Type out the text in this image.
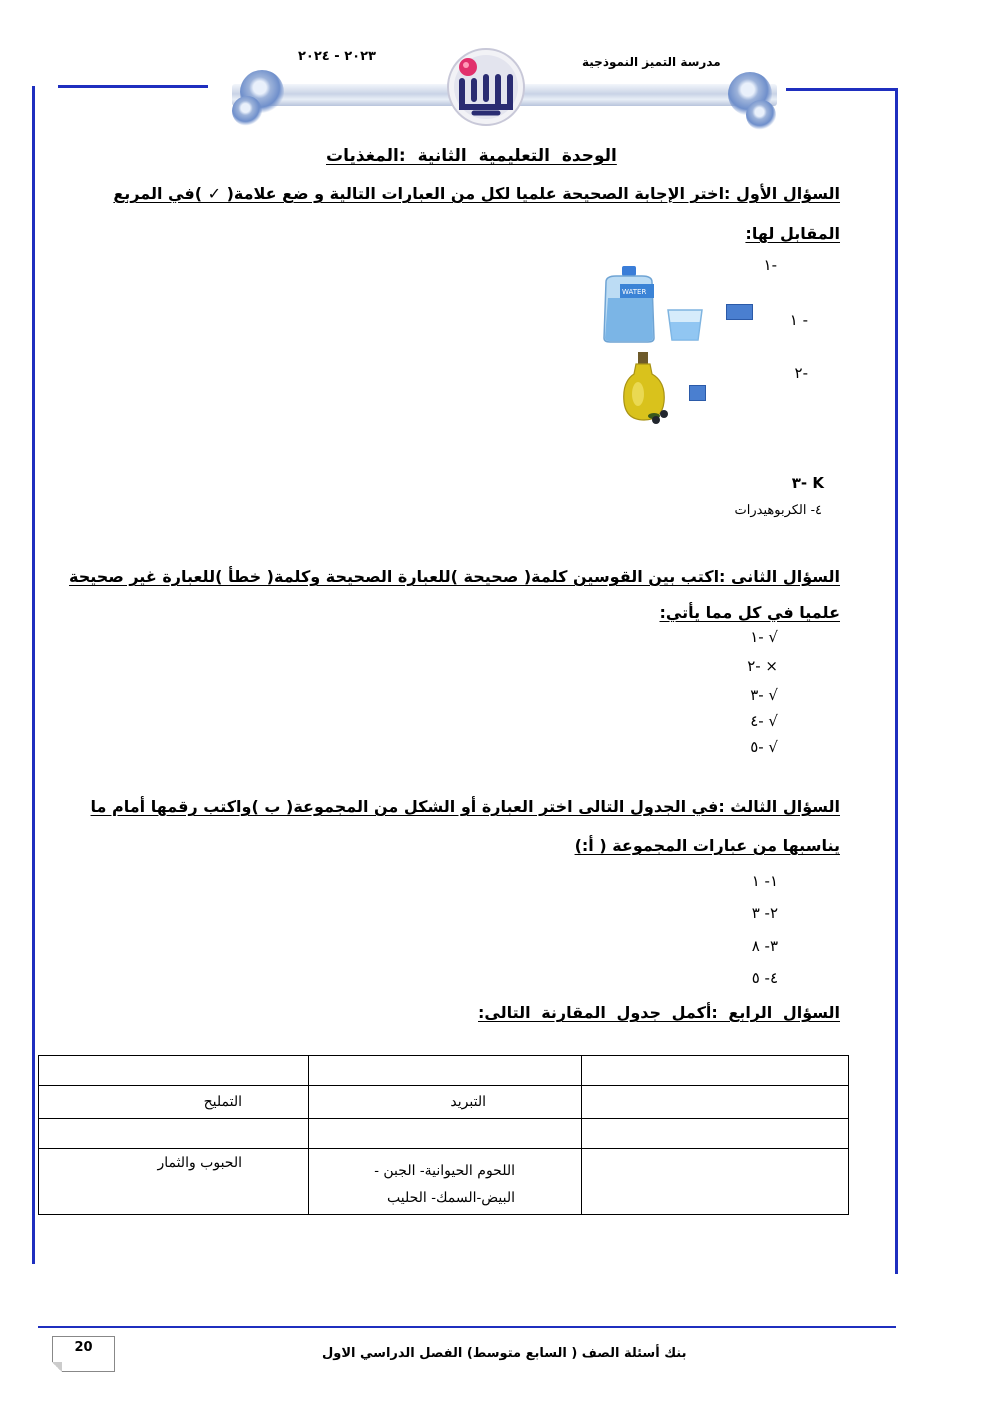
٢٠٢٣ - ٢٠٢٤	مدرسة التميز النموذجية
الوحدة التعليمية الثانية :المغذيات
السؤال الأول :اختر الإجابة الصحيحة علميا لكل من العبارات التالية و ضع علامة( ✓ )في المربع
المقابل لها:
١-
١ -
٢-
٣- K
٤- الكربوهيدرات
WATER
السؤال الثانى :اكتب بين القوسين كلمة( صحيحة )للعبارة الصحيحة وكلمة( خطأ )للعبارة غير صحيحة
علميا في كل مما يأتي:
١- √
٢- ×
٣- √
٤- √
٥- √
السؤال الثالث :في الجدول التالى اختر العبارة أو الشكل من المجموعة( ب )واكتب رقمها أمام ما
يناسبها من عبارات المجموعة ( أ:)
١- ١
٢- ٣
٣- ٨
٤- ٥
السؤال الرابع :أكمل جدول المقارنة التالى:

التمليح	التبريد	

الحبوب والثمار	اللحوم الحيوانية- الجبن -
البيض-السمك- الحليب	

20	بنك أسئلة الصف ( السابع متوسط) الفصل الدراسي الاول
